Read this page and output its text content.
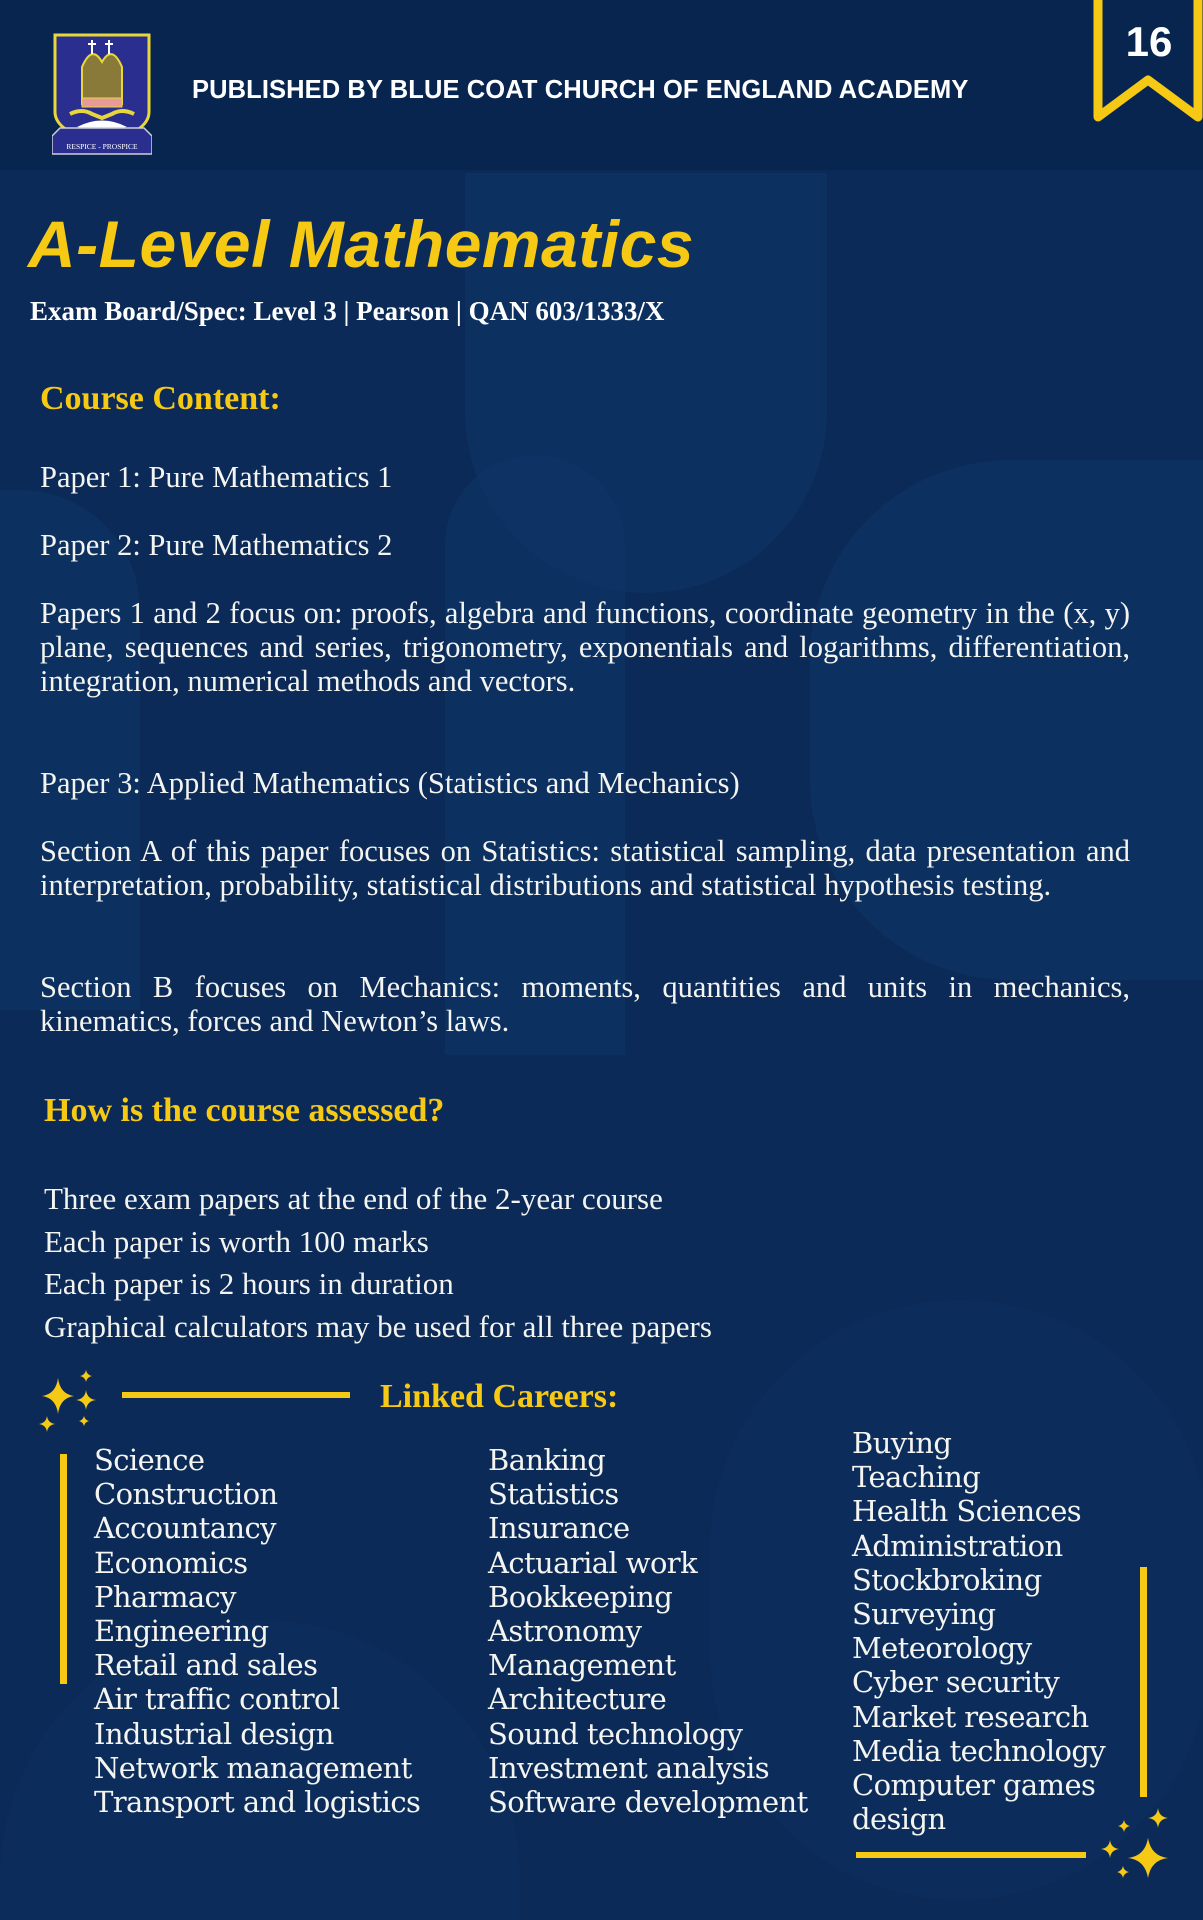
RESPICE - PROSPICE
PUBLISHED BY BLUE COAT CHURCH OF ENGLAND ACADEMY
16
A-Level Mathematics
Exam Board/Spec: Level 3 | Pearson | QAN 603/1333/X
Course Content:
Paper 1: Pure Mathematics 1
Paper 2: Pure Mathematics 2
Papers 1 and 2 focus on: proofs, algebra and functions, coordinate geometry in the (x, y) plane, sequences and series, trigonometry, exponentials and logarithms, differentiation, integration, numerical methods and vectors.
Paper 3: Applied Mathematics (Statistics and Mechanics)
Section A of this paper focuses on Statistics: statistical sampling, data presentation and interpretation, probability, statistical distributions and statistical hypothesis testing.
Section B focuses on Mechanics: moments, quantities and units in mechanics, kinematics, forces and Newton’s laws.
How is the course assessed?
Three exam papers at the end of the 2-year course
Each paper is worth 100 marks
Each paper is 2 hours in duration
Graphical calculators may be used for all three papers
Linked Careers:
Science
Construction
Accountancy
Economics
Pharmacy
Engineering
Retail and sales
Air traffic control
Industrial design
Network management
Transport and logistics
Banking
Statistics
Insurance
Actuarial work
Bookkeeping
Astronomy
Management
Architecture
Sound technology
Investment analysis
Software development
Buying
Teaching
Health Sciences
Administration
Stockbroking
Surveying
Meteorology
Cyber security
Market research
Media technology
Computer games
design
